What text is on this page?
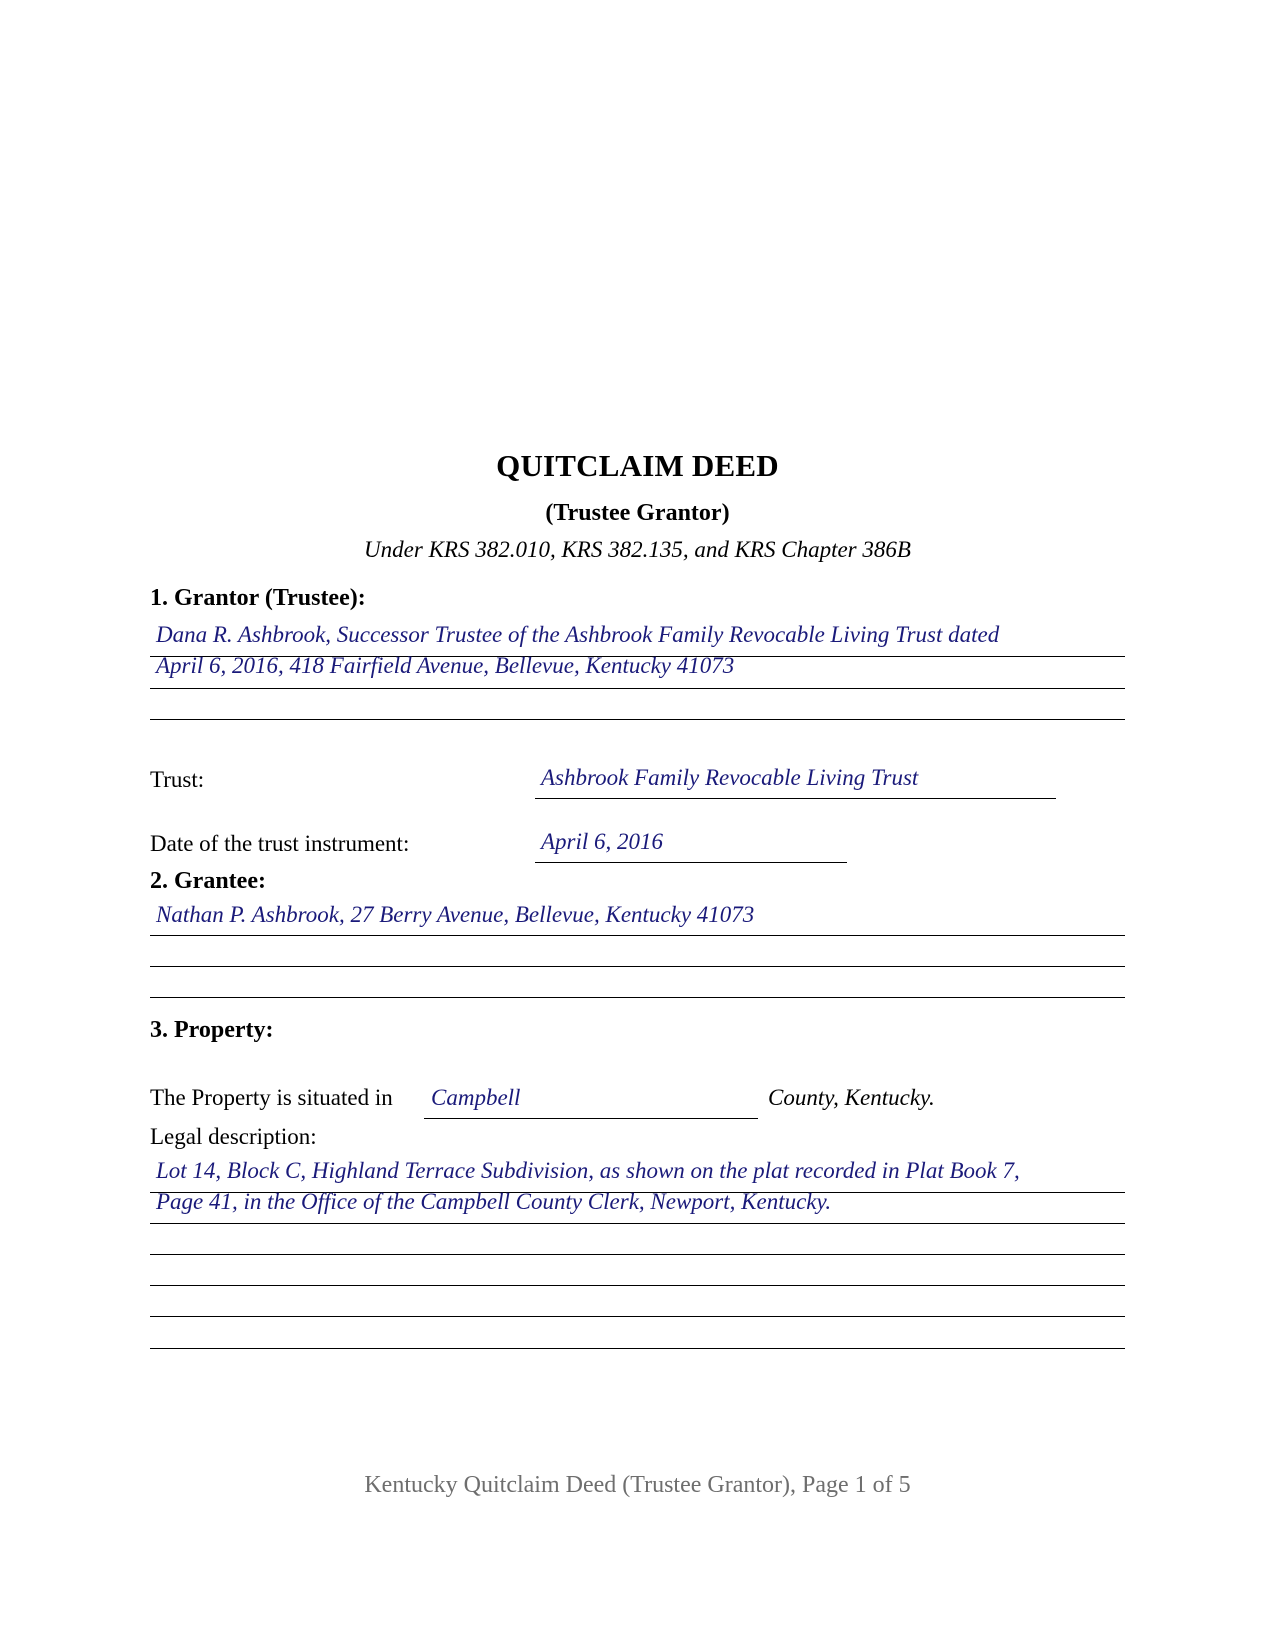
QUITCLAIM DEED
(Trustee Grantor)
Under KRS 382.010, KRS 382.135, and KRS Chapter 386B
1. Grantor (Trustee):
Dana R. Ashbrook, Successor Trustee of the Ashbrook Family Revocable Living Trust dated
April 6, 2016, 418 Fairfield Avenue, Bellevue, Kentucky 41073
Trust:	Ashbrook Family Revocable Living Trust
Date of the trust instrument:	April 6, 2016
2. Grantee:
Nathan P. Ashbrook, 27 Berry Avenue, Bellevue, Kentucky 41073
3. Property:
The Property is situated in Campbell	County, Kentucky.
Legal description:
Lot 14, Block C, Highland Terrace Subdivision, as shown on the plat recorded in Plat Book 7,
Page 41, in the Office of the Campbell County Clerk, Newport, Kentucky.
Kentucky Quitclaim Deed (Trustee Grantor), Page 1 of 5
